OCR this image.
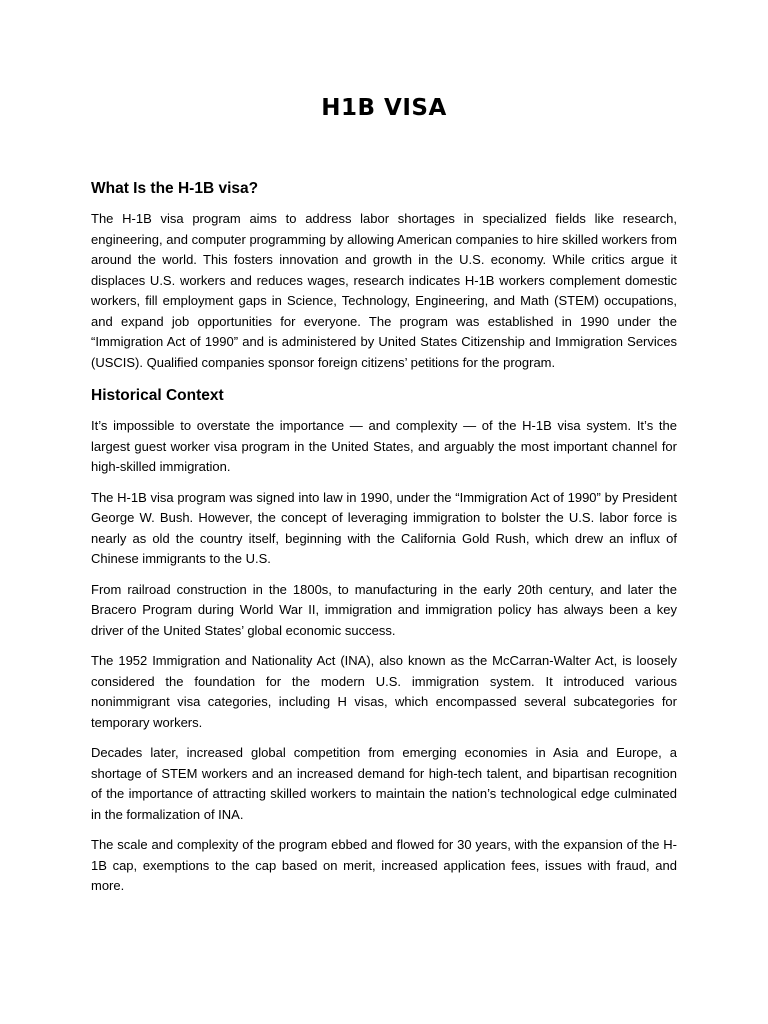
H1B VISA
What Is the H-1B visa?

The H-1B visa program aims to address labor shortages in specialized fields like research, engineering, and computer programming by allowing American companies to hire skilled workers from around the world. This fosters innovation and growth in the U.S. economy. While critics argue it displaces U.S. workers and reduces wages, research indicates H-1B workers complement domestic workers, fill employment gaps in Science, Technology, Engineering, and Math (STEM) occupations, and expand job opportunities for everyone. The program was established in 1990 under the “Immigration Act of 1990” and is administered by United States Citizenship and Immigration Services (USCIS). Qualified companies sponsor foreign citizens’ petitions for the program.

Historical Context

It’s impossible to overstate the importance — and complexity — of the H-1B visa system. It’s the largest guest worker visa program in the United States, and arguably the most important channel for high-skilled immigration.

The H-1B visa program was signed into law in 1990, under the “Immigration Act of 1990” by President George W. Bush. However, the concept of leveraging immigration to bolster the U.S. labor force is nearly as old the country itself, beginning with the California Gold Rush, which drew an influx of Chinese immigrants to the U.S.

From railroad construction in the 1800s, to manufacturing in the early 20th century, and later the Bracero Program during World War II, immigration and immigration policy has always been a key driver of the United States’ global economic success.

The 1952 Immigration and Nationality Act (INA), also known as the McCarran-Walter Act, is loosely considered the foundation for the modern U.S. immigration system. It introduced various nonimmigrant visa categories, including H visas, which encompassed several subcategories for temporary workers.

Decades later, increased global competition from emerging economies in Asia and Europe, a shortage of STEM workers and an increased demand for high-tech talent, and bipartisan recognition of the importance of attracting skilled workers to maintain the nation’s technological edge culminated in the formalization of INA.

The scale and complexity of the program ebbed and flowed for 30 years, with the expansion of the H-1B cap, exemptions to the cap based on merit, increased application fees, issues with fraud, and more.
